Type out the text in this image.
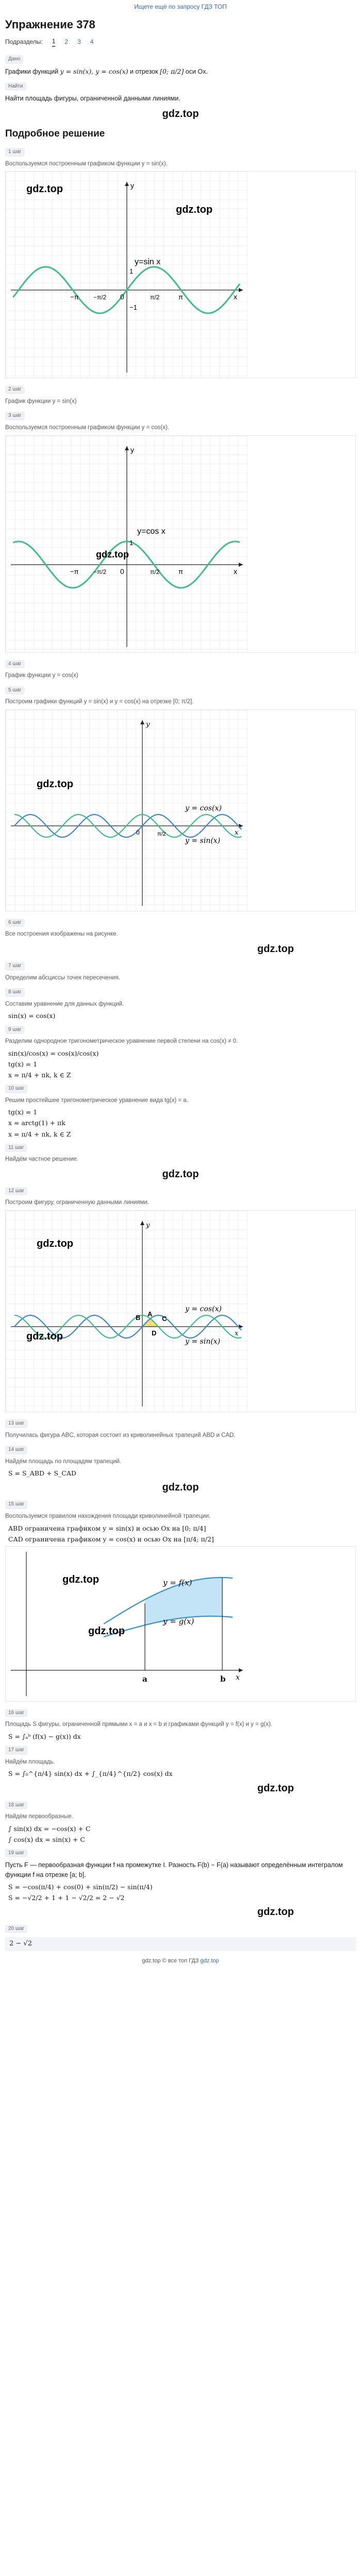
Ищете ещё по запросу ГДЗ ТОП
Упражнение 378
Подразделы: 1 2 3 4
Дано

Графики функций y = sin(x), y = cos(x) и отрезок [0; π/2] оси Ox.

Найти

Найти площадь фигуры, ограниченной данными линиями.

gdz.top
Подробное решение
1 шаг

Воспользуемся построенным графиком функции y = sin(x).

y=sin x
x
y
0
1
−1
−π	π
π/2
−π/2
gdz.top
gdz.top
2 шаг

График функции y = sin(x)

3 шаг

Воспользуемся построенным графиком функции y = cos(x).

y=cos x
x
y
0
1
−π	π
π/2
−π/2
gdz.top
4 шаг

График функции y = cos(x)

5 шаг

Построим графики функций y = sin(x) и y = cos(x) на отрезке [0; π/2].

y = cos(x)
y = sin(x)
x
y
0	π/2
gdz.top
6 шаг

Все построения изображены на рисунке.

gdz.top
7 шаг

Определим абсциссы точек пересечения.

8 шаг

Составим уравнение для данных функций.

sin(x) = cos(x)

9 шаг

Разделим однородное тригонометрическое уравнение первой степени на cos(x) ≠ 0.

sin(x)/cos(x) = cos(x)/cos(x)

tg(x) = 1

x = π/4 + πk, k ∈ Z

10 шаг

Решим простейшее тригонометрическое уравнение вида tg(x) = a.

tg(x) = 1

x = arctg(1) + πk

x = π/4 + πk, k ∈ Z

11 шаг

Найдём частное решение.

gdz.top
12 шаг

Построим фигуру, ограниченную данными линиями.

y = cos(x)
y = sin(x)
x
y
A
B	C
D
gdz.top
gdz.top
13 шаг

Получилась фигура ABC, которая состоит из криволинейных трапеций ABD и CAD.

14 шаг

Найдём площадь по площадям трапеций.

S = S_ABD + S_CAD

gdz.top
15 шаг

Воспользуемся правилом нахождения площади криволинейной трапеции.

ABD ограничена графиком y = sin(x) и осью Ox на [0; π/4]

CAD ограничена графиком y = cos(x) и осью Ox на [π/4; π/2]

y = f(x)
y = g(x)
a	b x
gdz.top
gdz.top
16 шаг

Площадь S фигуры, ограниченной прямыми x = a и x = b и графиками функций y = f(x) и y = g(x).

S = ∫ₐᵇ (f(x) − g(x)) dx

17 шаг

Найдём площадь.

S = ∫₀^{π/4} sin(x) dx + ∫_{π/4}^{π/2} cos(x) dx

gdz.top
18 шаг

Найдём первообразные.

∫ sin(x) dx = −cos(x) + C

∫ cos(x) dx = sin(x) + C

19 шаг

Пусть F — первообразная функции f на промежутке I. Разность F(b) − F(a) называют определённым интегралом функции f на отрезке [a; b].

S = −cos(π/4) + cos(0) + sin(π/2) − sin(π/4)

S = −√2/2 + 1 + 1 − √2/2 = 2 − √2

gdz.top
20 шаг
2 − √2
gdz.top © все топ ГДЗ gdz.top
